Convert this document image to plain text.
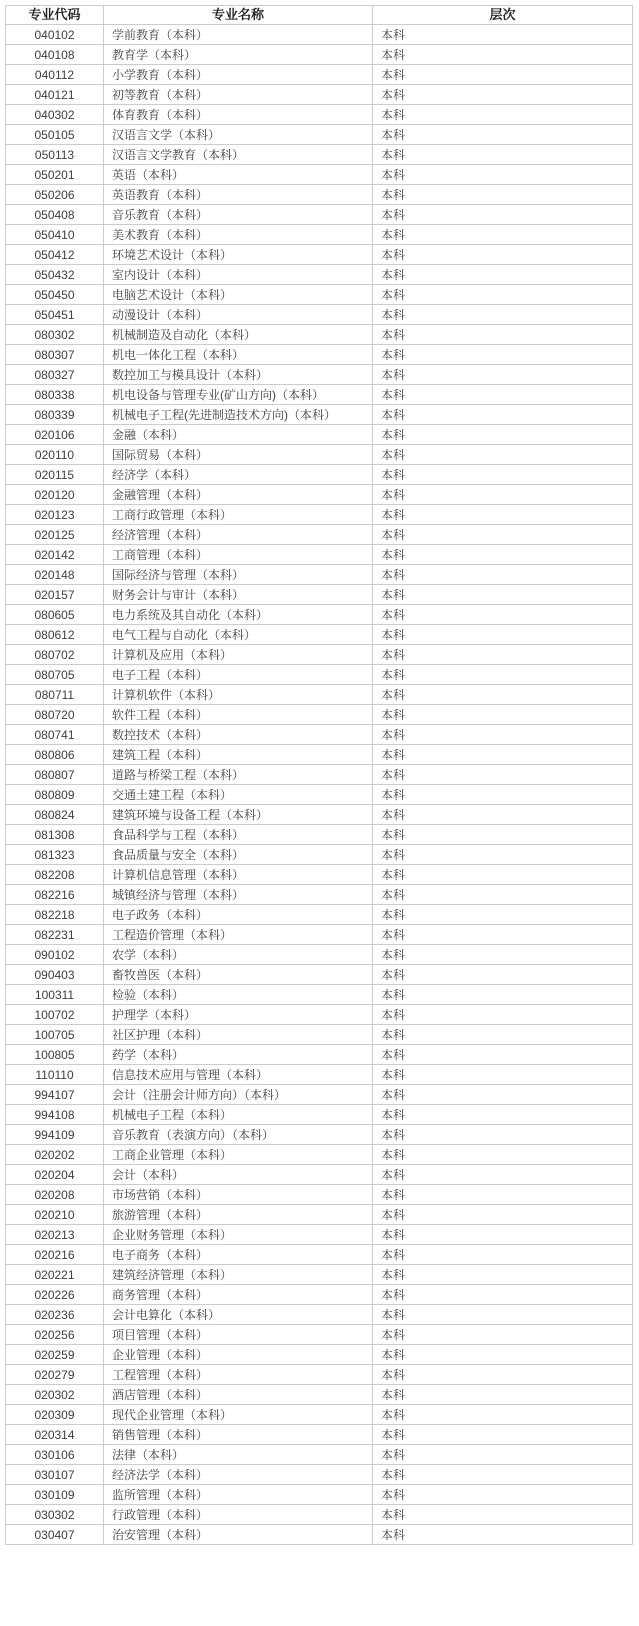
专业代码	专业名称	层次
040102	学前教育（本科）	本科
040108	教育学（本科）	本科
040112	小学教育（本科）	本科
040121	初等教育（本科）	本科
040302	体育教育（本科）	本科
050105	汉语言文学（本科）	本科
050113	汉语言文学教育（本科）	本科
050201	英语（本科）	本科
050206	英语教育（本科）	本科
050408	音乐教育（本科）	本科
050410	美术教育（本科）	本科
050412	环境艺术设计（本科）	本科
050432	室内设计（本科）	本科
050450	电脑艺术设计（本科）	本科
050451	动漫设计（本科）	本科
080302	机械制造及自动化（本科）	本科
080307	机电一体化工程（本科）	本科
080327	数控加工与模具设计（本科）	本科
080338	机电设备与管理专业(矿山方向)（本科）	本科
080339	机械电子工程(先进制造技术方向)（本科）	本科
020106	金融（本科）	本科
020110	国际贸易（本科）	本科
020115	经济学（本科）	本科
020120	金融管理（本科）	本科
020123	工商行政管理（本科）	本科
020125	经济管理（本科）	本科
020142	工商管理（本科）	本科
020148	国际经济与管理（本科）	本科
020157	财务会计与审计（本科）	本科
080605	电力系统及其自动化（本科）	本科
080612	电气工程与自动化（本科）	本科
080702	计算机及应用（本科）	本科
080705	电子工程（本科）	本科
080711	计算机软件（本科）	本科
080720	软件工程（本科）	本科
080741	数控技术（本科）	本科
080806	建筑工程（本科）	本科
080807	道路与桥梁工程（本科）	本科
080809	交通土建工程（本科）	本科
080824	建筑环境与设备工程（本科）	本科
081308	食品科学与工程（本科）	本科
081323	食品质量与安全（本科）	本科
082208	计算机信息管理（本科）	本科
082216	城镇经济与管理（本科）	本科
082218	电子政务（本科）	本科
082231	工程造价管理（本科）	本科
090102	农学（本科）	本科
090403	畜牧兽医（本科）	本科
100311	检验（本科）	本科
100702	护理学（本科）	本科
100705	社区护理（本科）	本科
100805	药学（本科）	本科
110110	信息技术应用与管理（本科）	本科
994107	会计（注册会计师方向）（本科）	本科
994108	机械电子工程（本科）	本科
994109	音乐教育（表演方向）（本科）	本科
020202	工商企业管理（本科）	本科
020204	会计（本科）	本科
020208	市场营销（本科）	本科
020210	旅游管理（本科）	本科
020213	企业财务管理（本科）	本科
020216	电子商务（本科）	本科
020221	建筑经济管理（本科）	本科
020226	商务管理（本科）	本科
020236	会计电算化（本科）	本科
020256	项目管理（本科）	本科
020259	企业管理（本科）	本科
020279	工程管理（本科）	本科
020302	酒店管理（本科）	本科
020309	现代企业管理（本科）	本科
020314	销售管理（本科）	本科
030106	法律（本科）	本科
030107	经济法学（本科）	本科
030109	监所管理（本科）	本科
030302	行政管理（本科）	本科
030407	治安管理（本科）	本科
